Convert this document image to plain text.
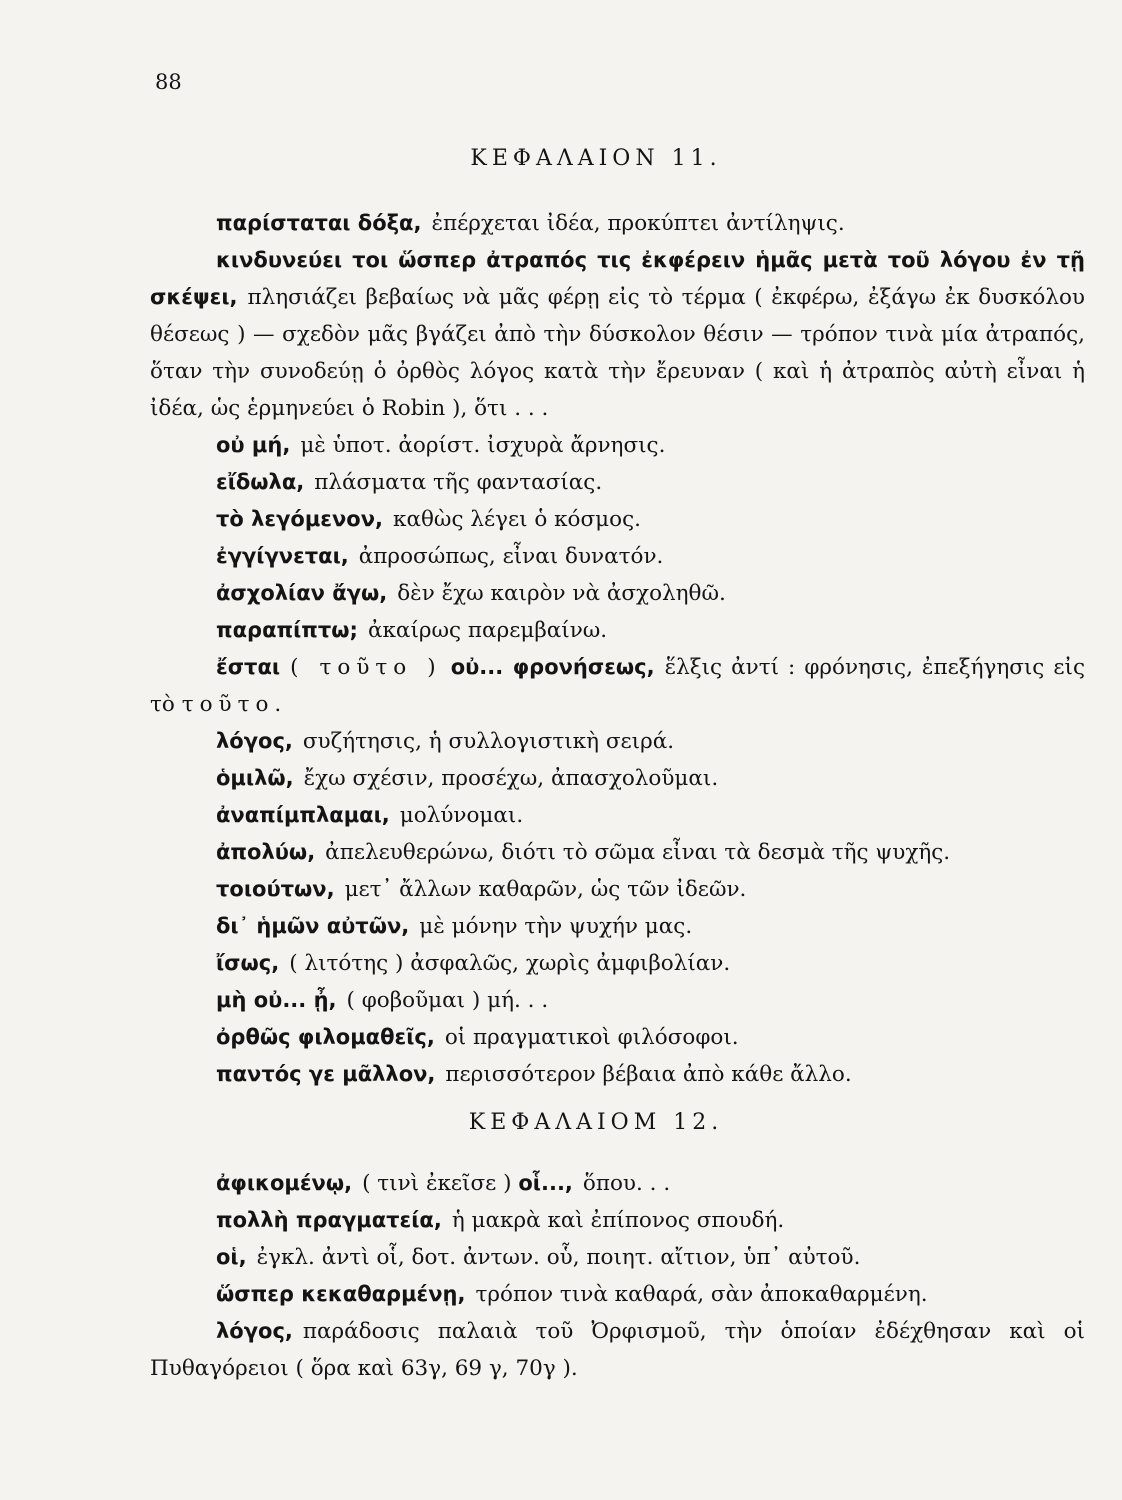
88
ΚΕΦΑΛΑΙΟΝ 11.

παρίσταται δόξα, ἐπέρχεται ἰδέα, προκύπτει ἀντίληψις.

κινδυνεύει τοι ὥσπερ ἀτραπός τις ἐκφέρειν ἡμᾶς μετὰ τοῦ λόγου ἐν τῇ σκέψει, πλησιάζει βεβαίως νὰ μᾶς φέρῃ εἰς τὸ τέρμα ( ἐκφέρω, ἐξάγω ἐκ δυσκόλου θέσεως ) — σχεδὸν μᾶς βγάζει ἀπὸ τὴν δύσκολον θέσιν — τρόπον τινὰ μία ἀτραπός, ὅταν τὴν συνοδεύῃ ὁ ὀρθὸς λόγος κατὰ τὴν ἔρευναν ( καὶ ἡ ἀτραπὸς αὐτὴ εἶναι ἡ ἰδέα, ὡς ἑρμηνεύει ὁ Robin ), ὅτι . . .

οὐ μή, μὲ ὑποτ. ἀορίστ. ἰσχυρὰ ἄρνησις.

εἴδωλα, πλάσματα τῆς φαντασίας.

τὸ λεγόμενον, καθὼς λέγει ὁ κόσμος.

ἐγγίγνεται, ἀπροσώπως, εἶναι δυνατόν.

ἀσχολίαν ἄγω, δὲν ἔχω καιρὸν νὰ ἀσχοληθῶ.

παραπίπτω; ἀκαίρως παρεμβαίνω.

ἔσται ( τοῦτο ) οὐ... φρονήσεως, ἕλξις ἀντί : φρόνησις, ἐπεξήγησις εἰς τὸ τοῦτο.

λόγος, συζήτησις, ἡ συλλογιστικὴ σειρά.

ὁμιλῶ, ἔχω σχέσιν, προσέχω, ἀπασχολοῦμαι.

ἀναπίμπλαμαι, μολύνομαι.

ἀπολύω, ἀπελευθερώνω, διότι τὸ σῶμα εἶναι τὰ δεσμὰ τῆς ψυχῆς.

τοιούτων, μετ᾽ ἄλλων καθαρῶν, ὡς τῶν ἰδεῶν.

δι᾽ ἡμῶν αὐτῶν, μὲ μόνην τὴν ψυχήν μας.

ἴσως, ( λιτότης ) ἀσφαλῶς, χωρὶς ἀμφιβολίαν.

μὴ οὐ... ᾖ, ( φοβοῦμαι ) μή. . .

ὀρθῶς φιλομαθεῖς, οἱ πραγματικοὶ φιλόσοφοι.

παντός γε μᾶλλον, περισσότερον βέβαια ἀπὸ κάθε ἄλλο.

ΚΕΦΑΛΑΙΟΜ 12.

ἀφικομένῳ, ( τινὶ ἐκεῖσε ) οἷ..., ὅπου. . .

πολλὴ πραγματεία, ἡ μακρὰ καὶ ἐπίπονος σπουδή.

οἱ, ἐγκλ. ἀντὶ οἷ, δοτ. ἀντων. οὗ, ποιητ. αἴτιον, ὑπ᾽ αὐτοῦ.

ὥσπερ κεκαθαρμένῃ, τρόπον τινὰ καθαρά, σὰν ἀποκαθαρμένη.

λόγος, παράδοσις παλαιὰ τοῦ Ὀρφισμοῦ, τὴν ὁποίαν ἐδέχθησαν καὶ οἱ Πυθαγόρειοι ( ὅρα καὶ 63γ, 69 γ, 70γ ).
